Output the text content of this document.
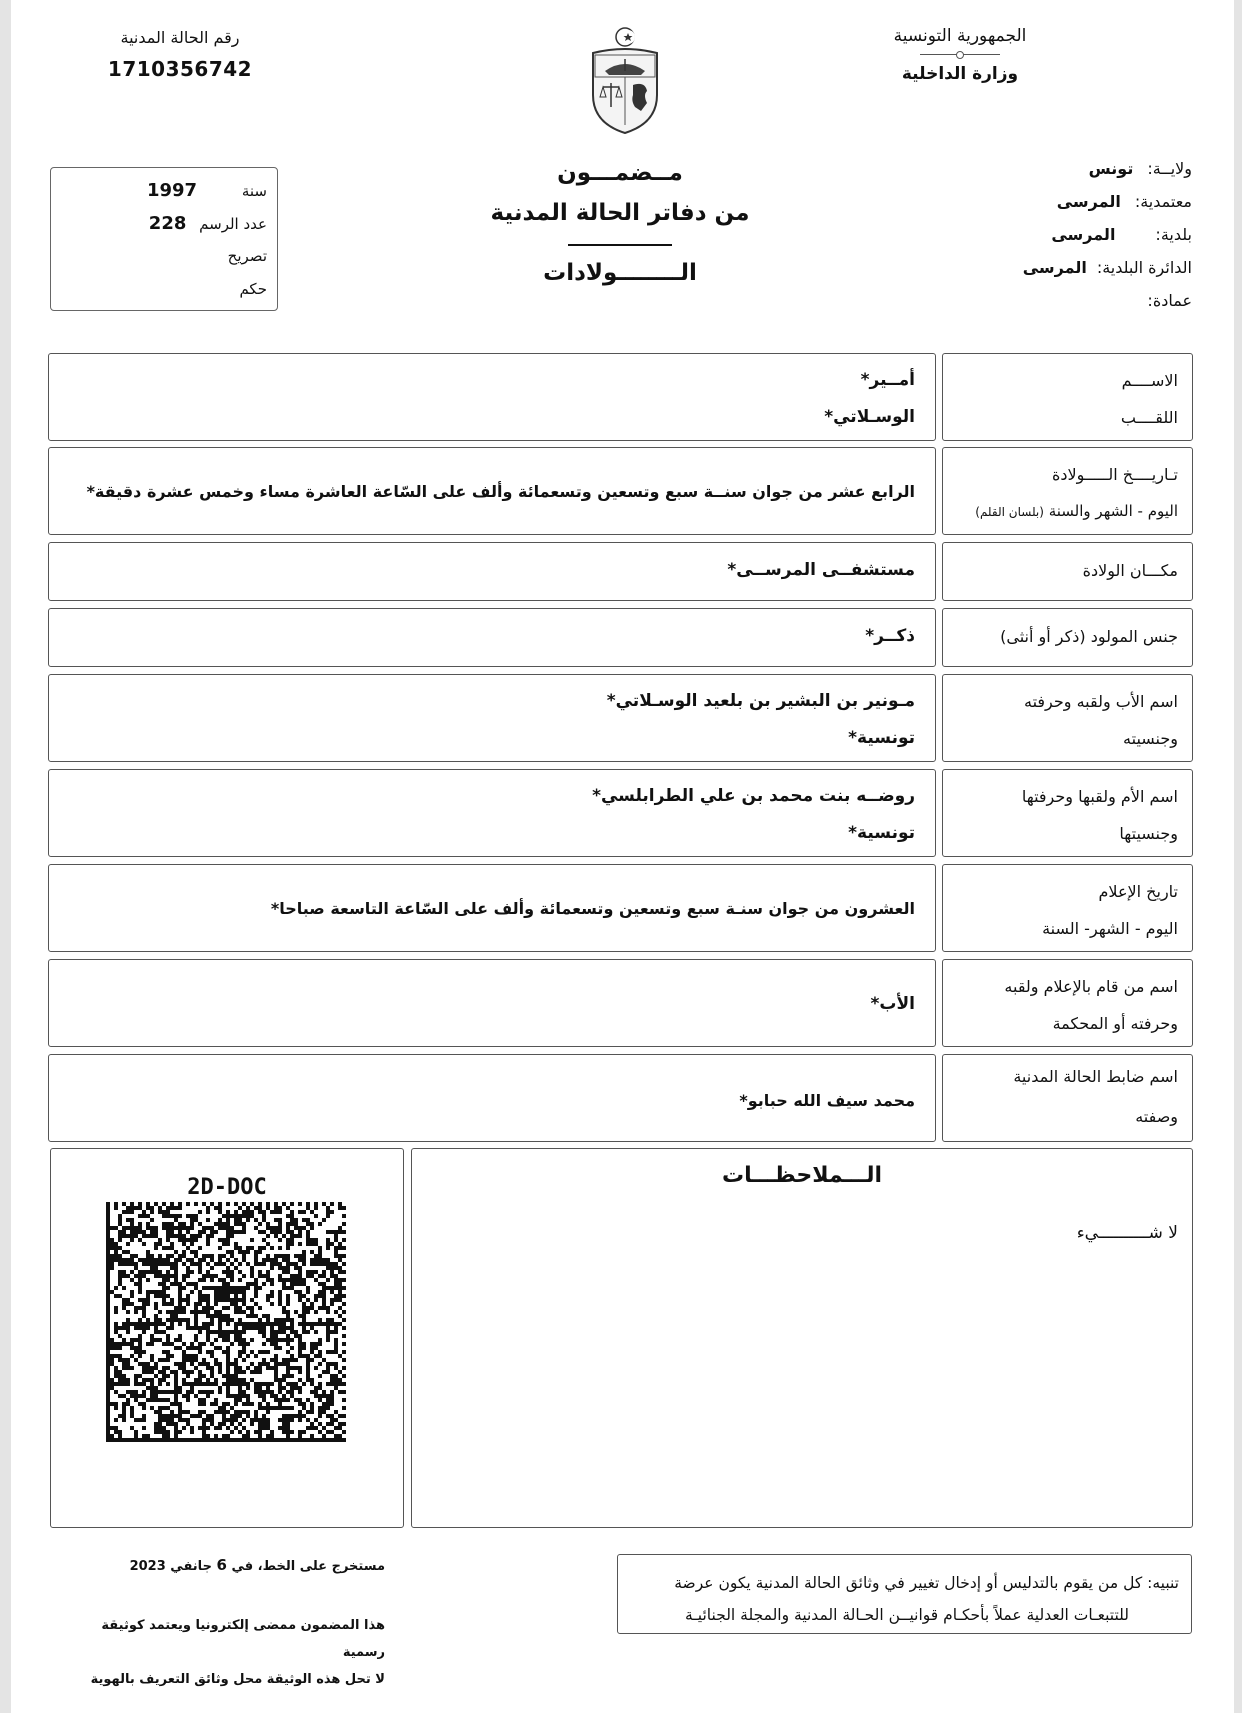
الجمهورية التونسية
وزارة الداخلية
رقم الحالة المدنية
1710356742
مــضمـــون
من دفاتر الحالة المدنية
الــــــــولادات
ولايــة:
تونس
معتمدية:
المرسى
بلدية:
المرسى
الدائرة البلدية:
المرسى
عمادة:
سنة 1997
عدد الرسم 228
تصريح
حكم
الاســــم
اللقــــب
أمــير*
الوسـلاتي*
تـاريــــخ الـــــولادة
اليوم - الشهر والسنة (بلسان القلم)
الرابع عشر من جوان سنــة سبع وتسعين وتسعمائة وألف على السّاعة العاشرة مساء وخمس عشرة دقيقة*
مكـــان الولادة
مستشفــى المرســى*
جنس المولود (ذكر أو أنثى)
ذكــر*
اسم الأب ولقبه وحرفته
وجنسيته
مـونير بن البشير بن بلعيد الوسـلاتي*
تونسية*
اسم الأم ولقبها وحرفتها
وجنسيتها
روضــه بنت محمد بن علي الطرابلسي*
تونسية*
تاريخ الإعلام
اليوم - الشهر- السنة
العشرون من جوان سنـة سبع وتسعين وتسعمائة وألف على السّاعة التاسعة صباحا*
اسم من قام بالإعلام ولقبه
وحرفته أو المحكمة
الأب*
اسم ضابط الحالة المدنية
وصفته
محمد سيف الله حبابو*
الـــملاحظـــات
لا شــــــــــيء
2D-DOC
تنبيه: كل من يقوم بالتدليس أو إدخال تغيير في وثائق الحالة المدنية يكون عرضة
للتتبعـات العدلية عملاً بأحكـام قوانيــن الحـالة المدنية والمجلة الجنائيـة
مستخرج على الخط، في 6 جانفي 2023
هذا المضمون ممضى إلكترونيا ويعتمد كوثيقة رسمية
لا تحل هذه الوثيقة محل وثائق التعريف بالهوية
